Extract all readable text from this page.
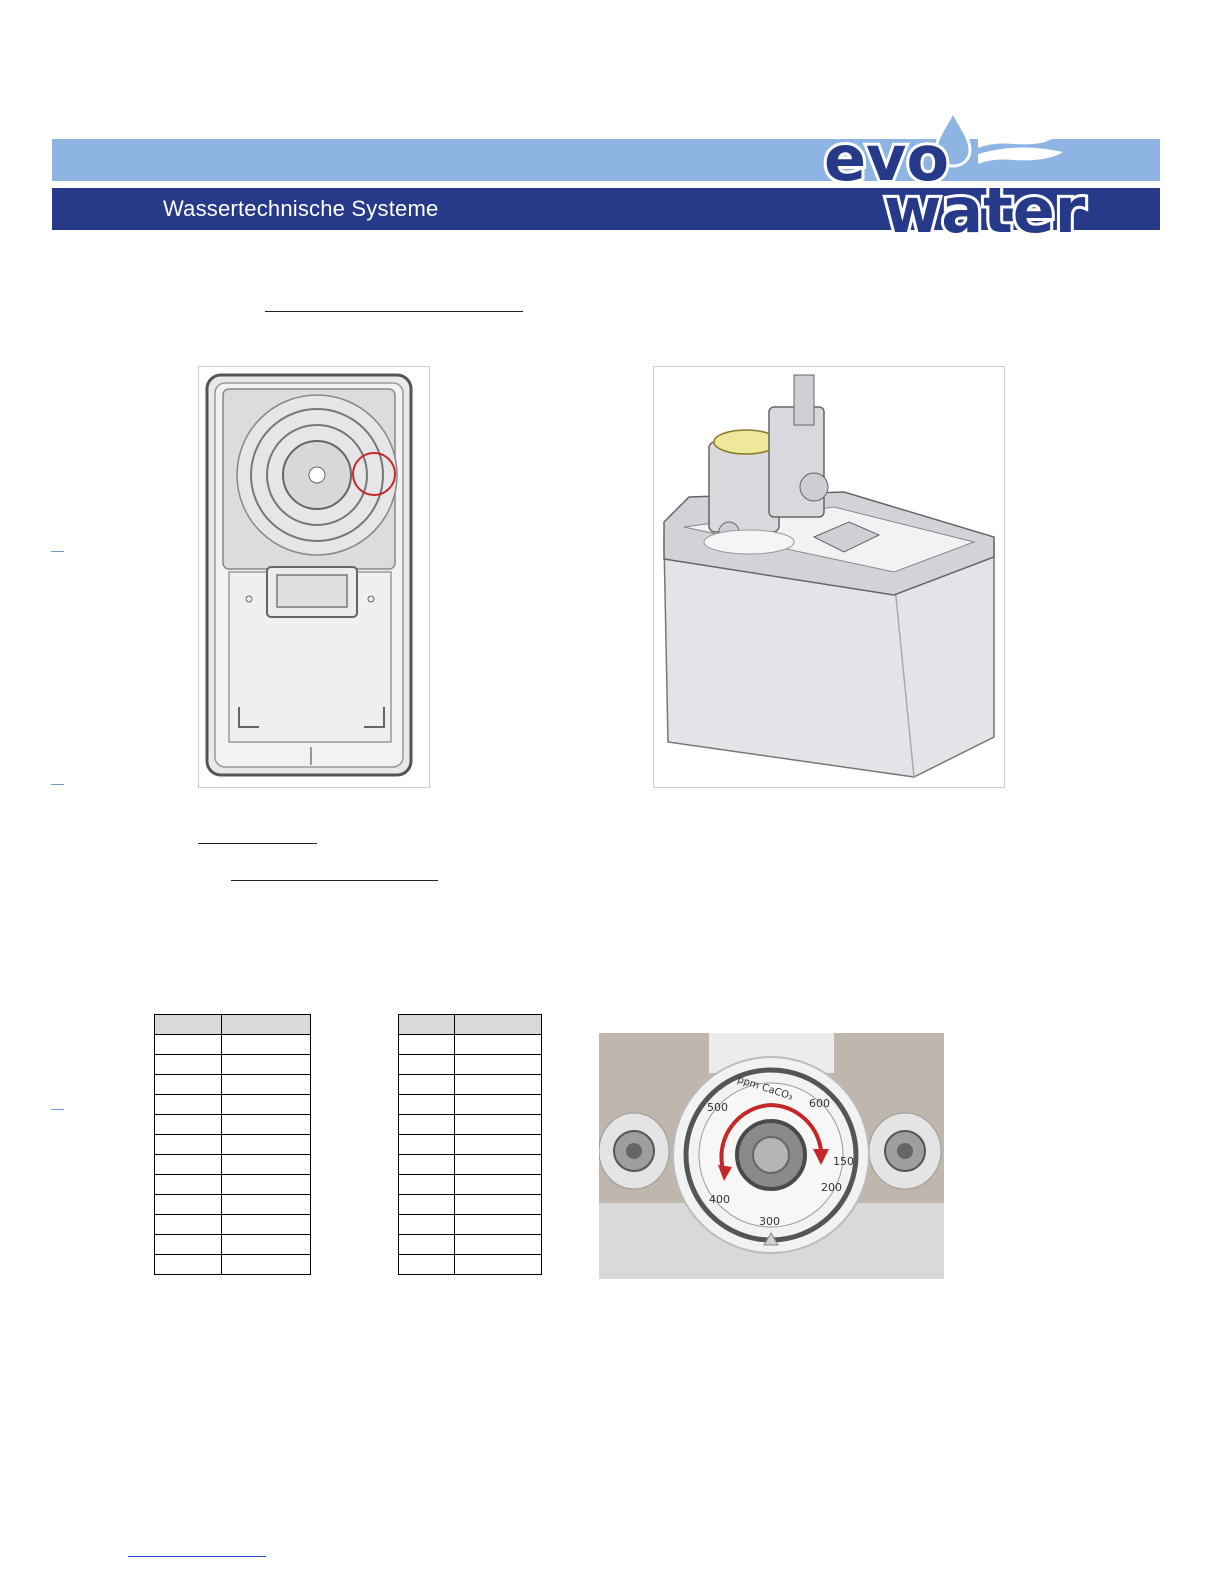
Wassertechnische Systeme
evo
water

ppm CaCO₃
600
500
400
300
200
150
